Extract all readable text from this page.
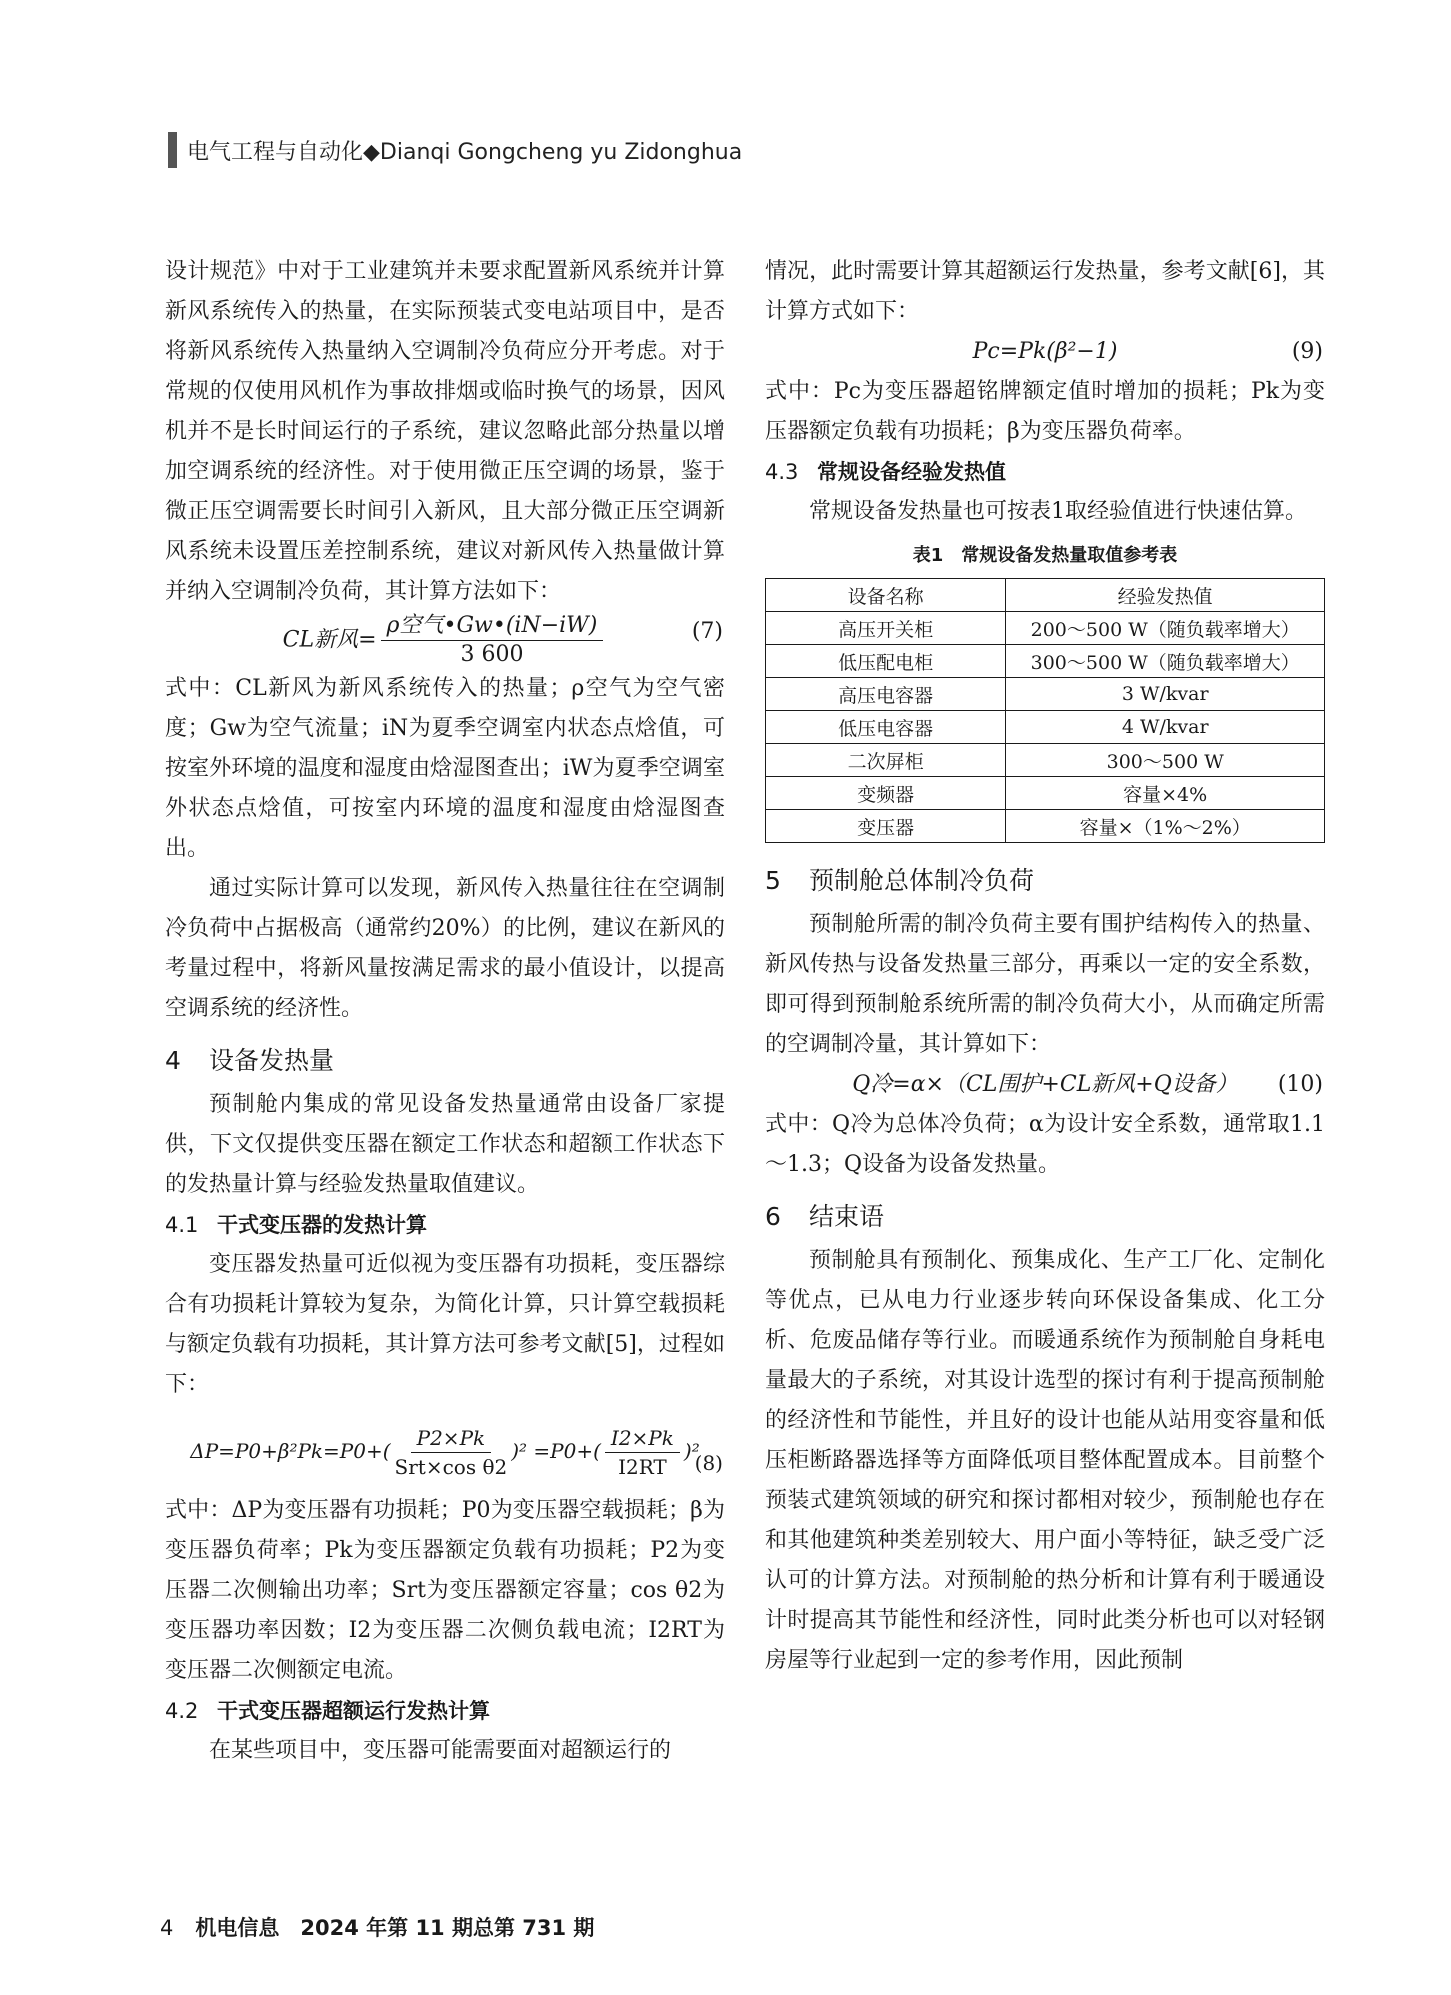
电气工程与自动化◆Dianqi Gongcheng yu Zidonghua

设计规范》中对于工业建筑并未要求配置新风系统并计算新风系统传入的热量，在实际预装式变电站项目中，是否将新风系统传入热量纳入空调制冷负荷应分开考虑。对于常规的仅使用风机作为事故排烟或临时换气的场景，因风机并不是长时间运行的子系统，建议忽略此部分热量以增加空调系统的经济性。对于使用微正压空调的场景，鉴于微正压空调需要长时间引入新风，且大部分微正压空调新风系统未设置压差控制系统，建议对新风传入热量做计算并纳入空调制冷负荷，其计算方法如下：

CL新风= $\frac{\text{ρ空气•Gw•(iN−iW)}}{3 600}$	(7)

式中：CL新风为新风系统传入的热量；ρ空气为空气密度；Gw为空气流量；iN为夏季空调室内状态点焓值，可按室外环境的温度和湿度由焓湿图查出；iW为夏季空调室外状态点焓值，可按室内环境的温度和湿度由焓湿图查出。

通过实际计算可以发现，新风传入热量往往在空调制冷负荷中占据极高（通常约20%）的比例，建议在新风的考量过程中，将新风量按满足需求的最小值设计，以提高空调系统的经济性。

4 设备发热量

预制舱内集成的常见设备发热量通常由设备厂家提供，下文仅提供变压器在额定工作状态和超额工作状态下的发热量计算与经验发热量取值建议。

4.1 干式变压器的发热计算

变压器发热量可近似视为变压器有功损耗，变压器综合有功损耗计算较为复杂，为简化计算，只计算空载损耗与额定负载有功损耗，其计算方法可参考文献[5]，过程如下：

$\Delta P=P0+\beta^2Pk=P0+( \frac{P2\times Pk}{\text{Srt×cos θ2}} )^2 =P0+( \frac{I2\times Pk}{I2RT} )^2$
(8)

式中：ΔP为变压器有功损耗；P0为变压器空载损耗；β为变压器负荷率；Pk为变压器额定负载有功损耗；P2为变压器二次侧输出功率；Srt为变压器额定容量；cos θ2为变压器功率因数；I2为变压器二次侧负载电流；I2RT为变压器二次侧额定电流。

4.2 干式变压器超额运行发热计算

在某些项目中，变压器可能需要面对超额运行的

情况，此时需要计算其超额运行发热量，参考文献[6]，其计算方式如下：

Pc=Pk(β²−1)	(9)

式中：Pc为变压器超铭牌额定值时增加的损耗；Pk为变压器额定负载有功损耗；β为变压器负荷率。

4.3 常规设备经验发热值

常规设备发热量也可按表1取经验值进行快速估算。

表1　常规设备发热量取值参考表
设备名称	经验发热值
高压开关柜	200～500 W（随负载率增大）
低压配电柜	300～500 W（随负载率增大）
高压电容器	3 W/kvar
低压电容器	4 W/kvar
二次屏柜	300～500 W
变频器	容量×4%
变压器	容量×（1%～2%）
5 预制舱总体制冷负荷

预制舱所需的制冷负荷主要有围护结构传入的热量、新风传热与设备发热量三部分，再乘以一定的安全系数，即可得到预制舱系统所需的制冷负荷大小，从而确定所需的空调制冷量，其计算如下：

Q冷=α×（CL围护+CL新风+Q设备） (10)

式中：Q冷为总体冷负荷；α为设计安全系数，通常取1.1～1.3；Q设备为设备发热量。

6 结束语

预制舱具有预制化、预集成化、生产工厂化、定制化等优点，已从电力行业逐步转向环保设备集成、化工分析、危废品储存等行业。而暖通系统作为预制舱自身耗电量最大的子系统，对其设计选型的探讨有利于提高预制舱的经济性和节能性，并且好的设计也能从站用变容量和低压柜断路器选择等方面降低项目整体配置成本。目前整个预装式建筑领域的研究和探讨都相对较少，预制舱也存在和其他建筑种类差别较大、用户面小等特征，缺乏受广泛认可的计算方法。对预制舱的热分析和计算有利于暖通设计时提高其节能性和经济性，同时此类分析也可以对轻钢房屋等行业起到一定的参考作用，因此预制

4 机电信息　2024 年第 11 期总第 731 期
